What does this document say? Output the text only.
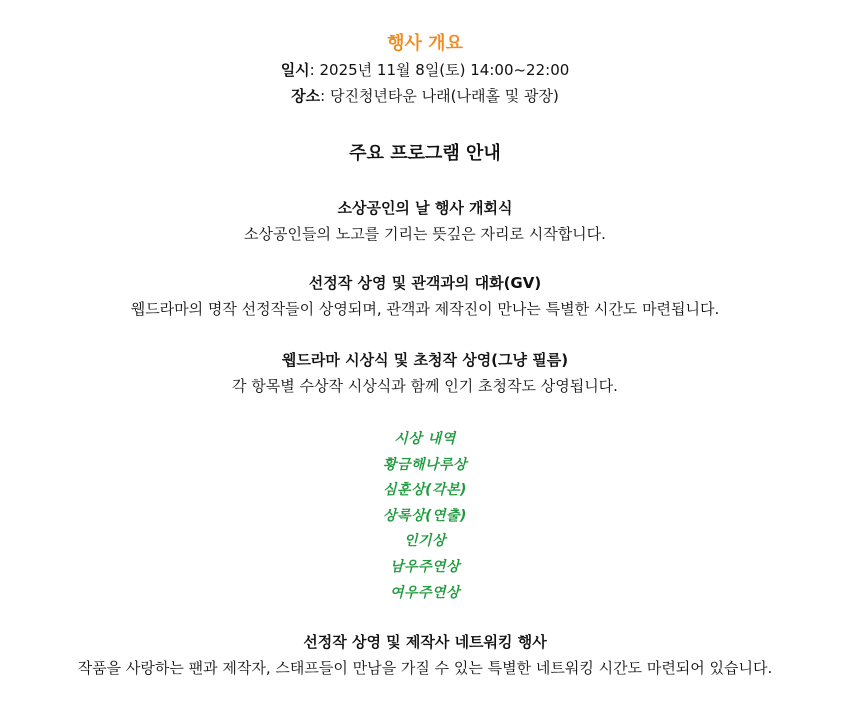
행사 개요
일시: 2025년 11월 8일(토) 14:00~22:00
장소: 당진청년타운 나래(나래홀 및 광장)
주요 프로그램 안내
소상공인의 날 행사 개회식
소상공인들의 노고를 기리는 뜻깊은 자리로 시작합니다.
선정작 상영 및 관객과의 대화(GV)
웹드라마의 명작 선정작들이 상영되며, 관객과 제작진이 만나는 특별한 시간도 마련됩니다.
웹드라마 시상식 및 초청작 상영(그냥 필름)
각 항목별 수상작 시상식과 함께 인기 초청작도 상영됩니다.
시상 내역
황금해나루상
심훈상(각본)
상록상(연출)
인기상
남우주연상
여우주연상
선정작 상영 및 제작사 네트워킹 행사
작품을 사랑하는 팬과 제작자, 스태프들이 만남을 가질 수 있는 특별한 네트워킹 시간도 마련되어 있습니다.
